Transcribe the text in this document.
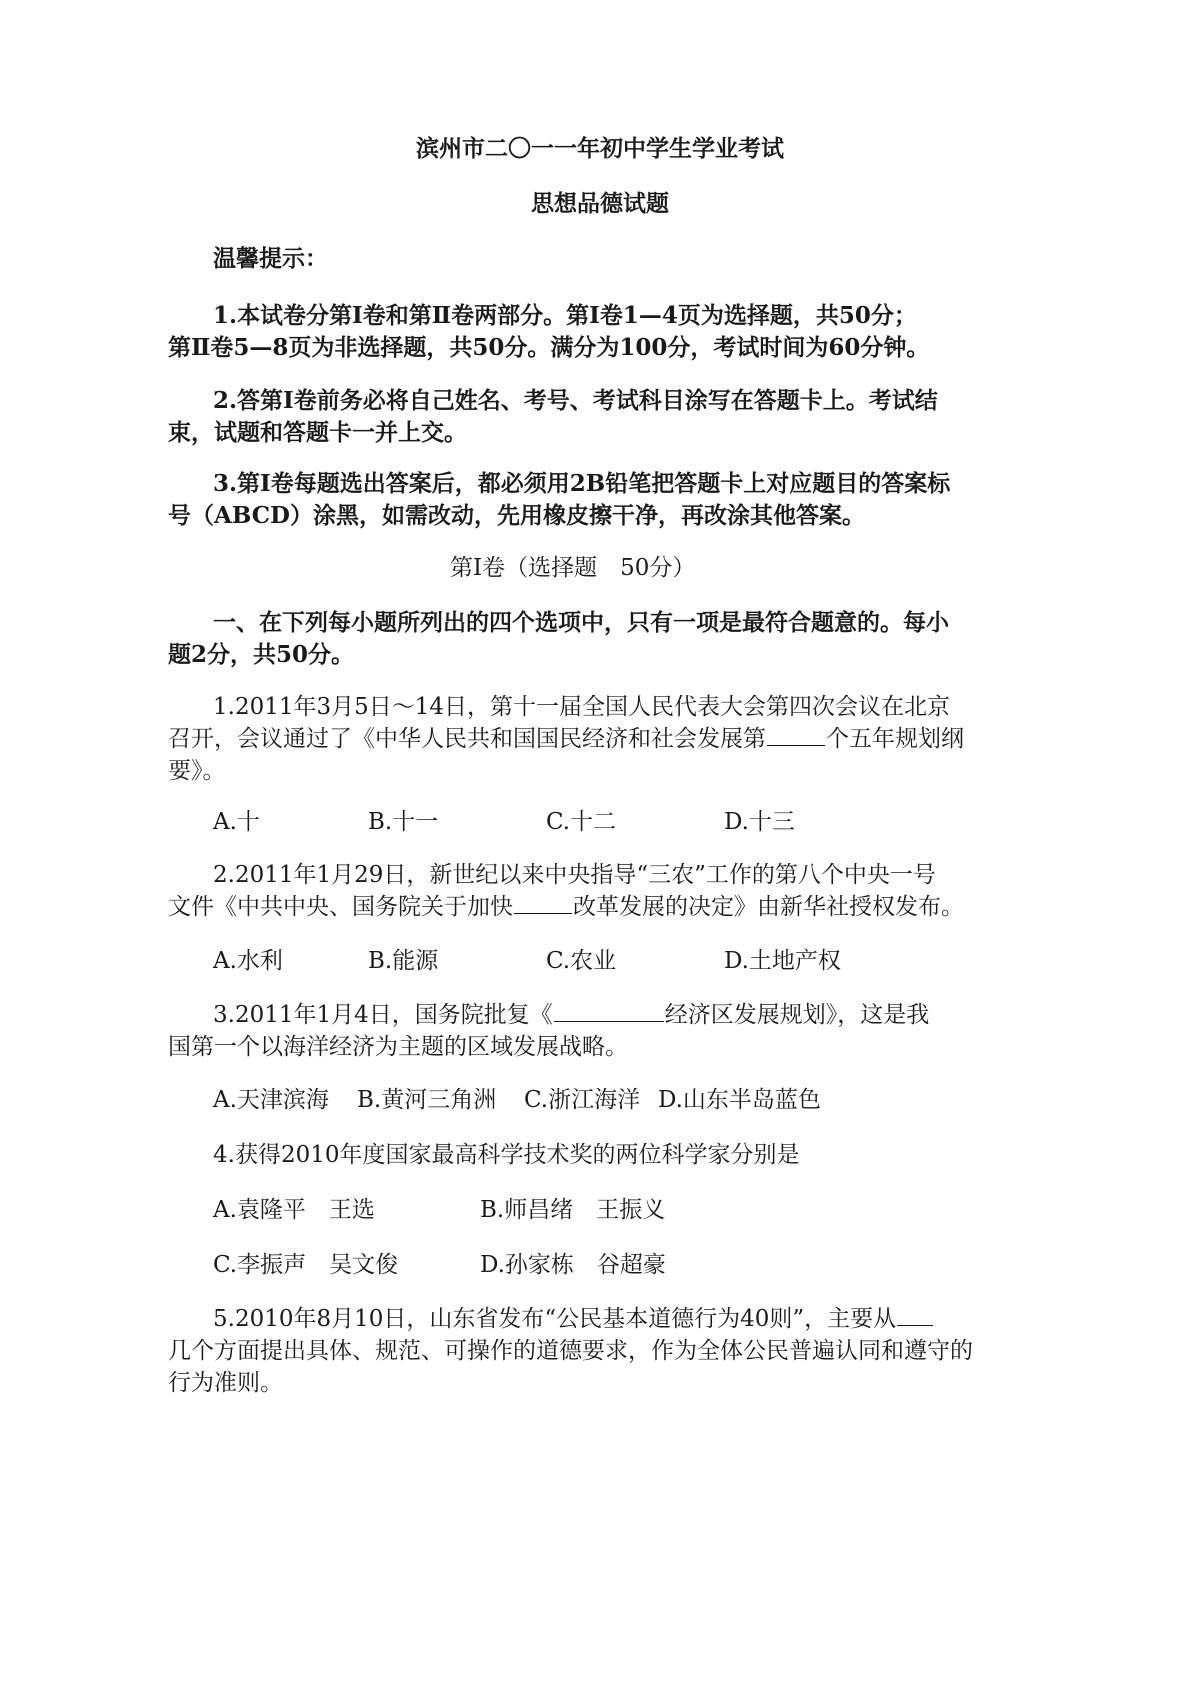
滨州市二〇一一年初中学生学业考试
思想品德试题
温馨提示：
1.本试卷分第Ⅰ卷和第Ⅱ卷两部分。第Ⅰ卷1—4页为选择题，共50分；
第Ⅱ卷5—8页为非选择题，共50分。满分为100分，考试时间为60分钟。
2.答第Ⅰ卷前务必将自己姓名、考号、考试科目涂写在答题卡上。考试结
束，试题和答题卡一并上交。
3.第Ⅰ卷每题选出答案后，都必须用2B铅笔把答题卡上对应题目的答案标
号（ABCD）涂黑，如需改动，先用橡皮擦干净，再改涂其他答案。
第Ⅰ卷（选择题　50分）
一、在下列每小题所列出的四个选项中，只有一项是最符合题意的。每小
题2分，共50分。
1.2011年3月5日～14日，第十一届全国人民代表大会第四次会议在北京
召开，会议通过了《中华人民共和国国民经济和社会发展第	个五年规划纲
要》。
A.十	B.十一	C.十二	D.十三
2.2011年1月29日，新世纪以来中央指导“三农”工作的第八个中央一号
文件《中共中央、国务院关于加快	改革发展的决定》由新华社授权发布。
A.水利	B.能源	C.农业	D.土地产权
3.2011年1月4日，国务院批复《	经济区发展规划》，这是我
国第一个以海洋经济为主题的区域发展战略。
A.天津滨海 B.黄河三角洲 C.浙江海洋 D.山东半岛蓝色
4.获得2010年度国家最高科学技术奖的两位科学家分别是
A.袁隆平　王选	B.师昌绪　王振义
C.李振声　吴文俊	D.孙家栋　谷超豪
5.2010年8月10日，山东省发布“公民基本道德行为40则”，主要从
几个方面提出具体、规范、可操作的道德要求，作为全体公民普遍认同和遵守的
行为准则。
